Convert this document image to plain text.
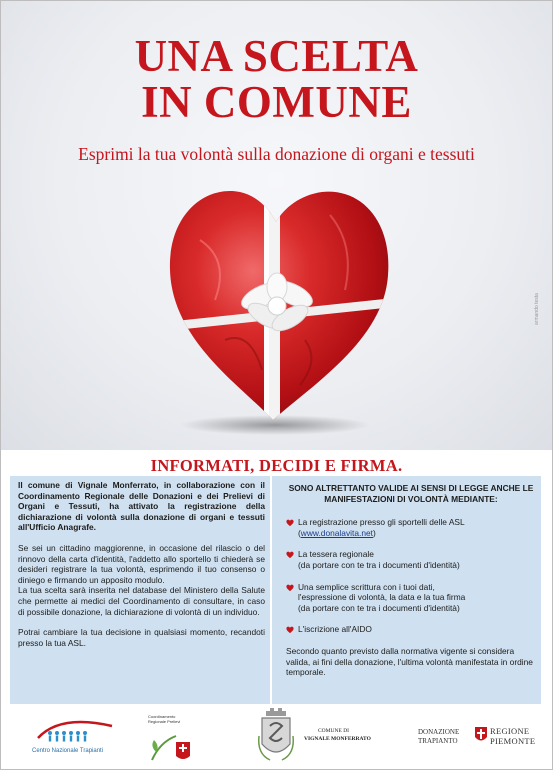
UNA SCELTA
IN COMUNE

Esprimi la tua volontà sulla donazione di organi e tessuti

armando testa
INFORMATI, DECIDI E FIRMA.

Il comune di Vignale Monferrato, in collaborazione con il Coordinamento Regionale delle Donazioni e dei Prelievi di Organi e Tessuti, ha attivato la registrazione della dichiarazione di volontà sulla donazione di organi e tessuti all'Ufficio Anagrafe.

Se sei un cittadino maggiorenne, in occasione del rilascio o del rinnovo della carta d'identità, l'addetto allo sportello ti chiederà se desideri registrare la tua volontà, esprimendo il tuo consenso o diniego e firmando un apposito modulo.

La tua scelta sarà inserita nel database del Ministero della Salute che permette ai medici del Coordinamento di consultare, in caso di possibile donazione, la dichiarazione di volontà di un individuo.

Potrai cambiare la tua decisione in qualsiasi momento, recandoti presso la tua ASL.

SONO ALTRETTANTO VALIDE AI SENSI DI LEGGE ANCHE LE MANIFESTAZIONI DI VOLONTÀ MEDIANTE:

La registrazione presso gli sportelli delle ASL

(www.donalavita.net)

La tessera regionale

(da portare con te tra i documenti d'identità)

Una semplice scrittura con i tuoi dati,

l'espressione di volontà, la data e la tua firma

(da portare con te tra i documenti d'identità)

L'iscrizione all'AIDO

Secondo quanto previsto dalla normativa vigente si considera valida, ai fini della donazione, l'ultima volontà manifestata in ordine temporale.

Centro Nazionale Trapianti
Coordinamento Regionale Prelievi
COMUNE DI
VIGNALE MONFERRATO
DONAZIONE
TRAPIANTO
REGIONE
PIEMONTE
